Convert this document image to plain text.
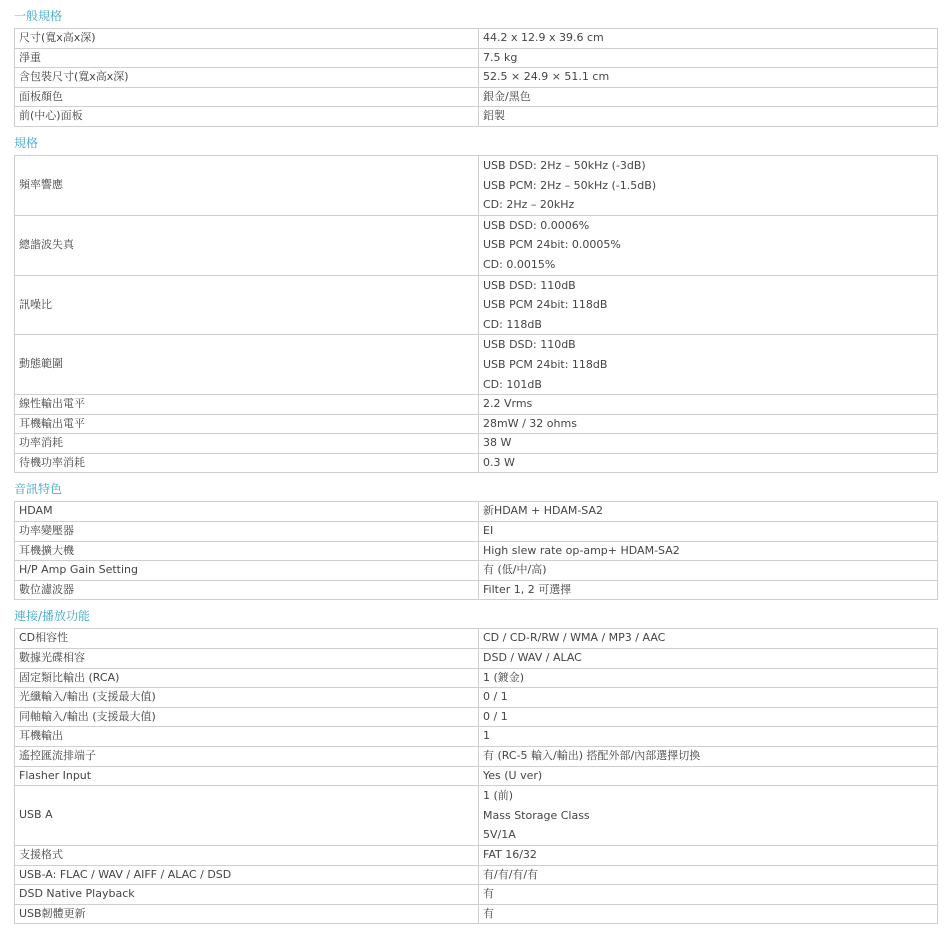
一般規格
尺寸(寬x高x深)	44.2 x 12.9 x 39.6 cm
淨重	7.5 kg
含包裝尺寸(寬x高x深)	52.5 × 24.9 × 51.1 cm
面板顏色	銀金/黑色
前(中心)面板	鋁製
規格
頻率響應	USB DSD: 2Hz – 50kHz (-3dB)
USB PCM: 2Hz – 50kHz (-1.5dB)
CD: 2Hz – 20kHz

總諧波失真	USB DSD: 0.0006%
USB PCM 24bit: 0.0005%
CD: 0.0015%

訊噪比	USB DSD: 110dB
USB PCM 24bit: 118dB
CD: 118dB

動態範圍	USB DSD: 110dB
USB PCM 24bit: 118dB
CD: 101dB

線性輸出電平	2.2 Vrms
耳機輸出電平	28mW / 32 ohms
功率消耗	38 W
待機功率消耗	0.3 W
音訊特色
HDAM	新HDAM + HDAM-SA2
功率變壓器	EI
耳機擴大機	High slew rate op-amp+ HDAM-SA2
H/P Amp Gain Setting	有 (低/中/高)
數位濾波器	Filter 1, 2 可選擇
連接/播放功能
CD相容性	CD / CD-R/RW / WMA / MP3 / AAC
數據光碟相容	DSD / WAV / ALAC
固定類比輸出 (RCA)	1 (鍍金)
光纖輸入/輸出 (支援最大值)	0 / 1
同軸輸入/輸出 (支援最大值)	0 / 1
耳機輸出	1
遙控匯流排端子	有 (RC-5 輸入/輸出) 搭配外部/內部選擇切換
Flasher Input	Yes (U ver)
USB A	1 (前)
Mass Storage Class
5V/1A

支援格式	FAT 16/32
USB-A: FLAC / WAV / AIFF / ALAC / DSD	有/有/有/有
DSD Native Playback	有
USB韌體更新	有
